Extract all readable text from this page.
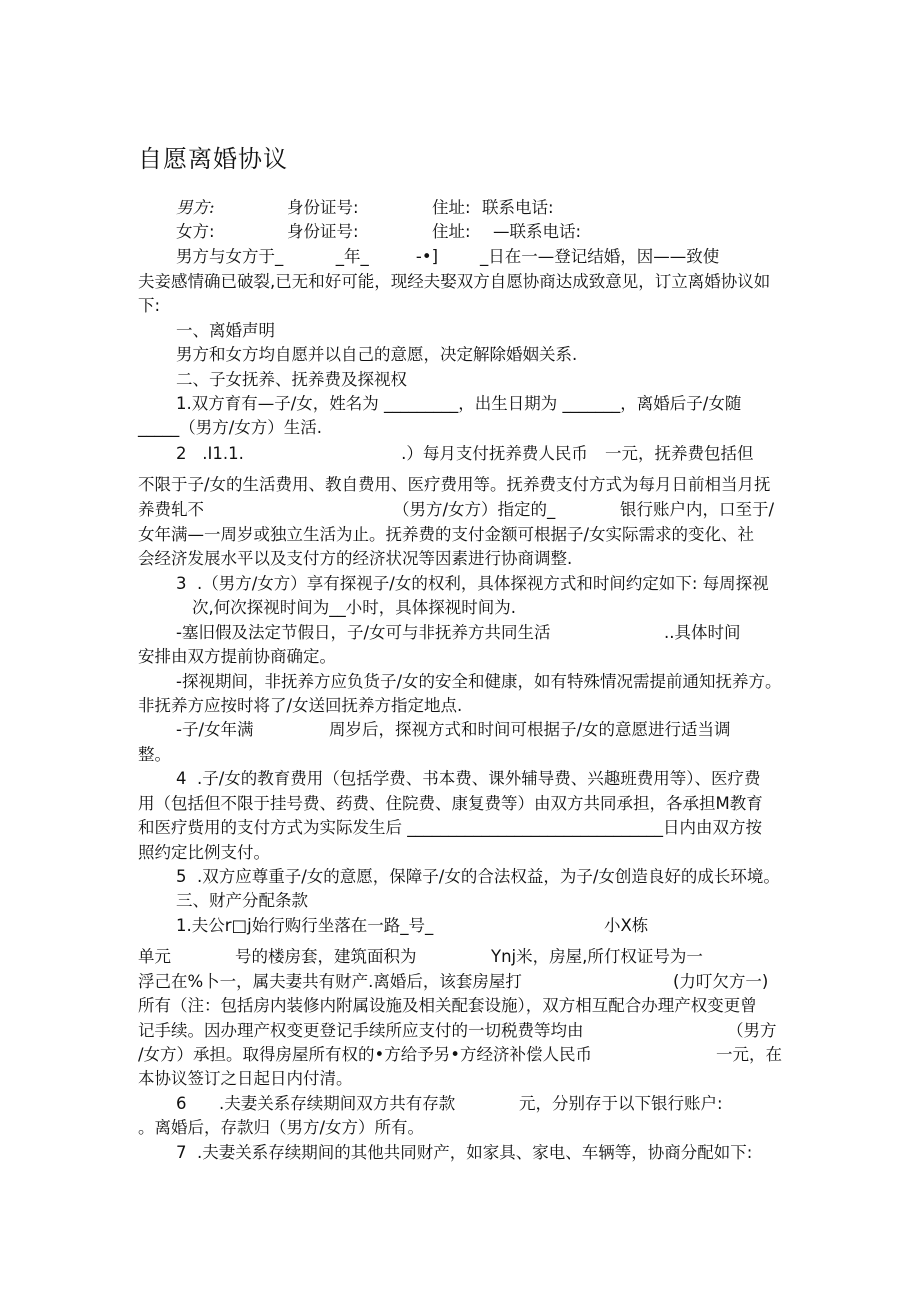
自愿离婚协议
男方:	身份证号:	住址: 联系电话:
女方:	身份证号:	住址: —联系电话:
男方与女方于_          _年_         -•]        _日在一—登记结婚，因——致使
夫妾感情确已破裂,已无和好可能，现经夫娶双方自愿协商达成致意见，订立离婚协议如
下:
一、离婚声明
男方和女方均自愿并以自己的意愿，决定解除婚姻关系.
二、子女抚养、抚养费及探视权
1.双方育有—子/女，姓名为 _________，出生日期为 _______，离婚后子/女随
_____（男方/女方）生活.
2   .I1.1.                              .）每月支付抚养费人民币 一元，抚养费包括但
不限于子/女的生活费用、教自费用、医疗费用等。抚养费支付方式为每月日前相当月抚
养费轧不	（男方/女方）指定的_	银行账户内，口至于/
女年满—一周岁或独立生活为止。抚养费的支付金额可根据子/女实际需求的变化、社
会经济发展水平以及支付方的经济状况等因素进行协商调整.
3  .（男方/女方）享有探视子/女的权利，具体探视方式和时间约定如下: 每周探视
次,何次探视时间为__小时，具体探视时间为.
-塞旧假及法定节假日，子/女可与非抚养方共同生活	..具体时间
安排由双方提前协商确定。
-探视期间，非抚养方应负货子/女的安全和健康，如有特殊情况需提前通知抚养方。
非抚养方应按时将了/女送回抚养方指定地点.
-子/女年满	周岁后，探视方式和时间可根据子/女的意愿进行适当调
整。
4  .子/女的教育费用（包括学费、书本费、课外辅导费、兴趣班费用等）、医疗费
用（包括但不限于挂号费、药费、住院费、康复费等）由双方共同承担，各承担M教育
和医疗赀用的支付方式为实际发生后 _______________________________日内由双方按
照约定比例支付。
5  .双方应尊重子/女的意愿，保障子/女的合法权益，为子/女创造良好的成长环境。
三、财产分配条款
1.夫公r□j始行购行坐落在一路_号_	小X栋
单元	号的楼房套，建筑面积为	Ynj米，房屋,所仃权证号为一
浮己在%卜一，属夫妻共有财产.离婚后，该套房屋打	(力叮欠方一)
所有（注：包括房内装修内附属设施及相关配套设施），双方相互配合办理产权变更曾
记手续。因办理产权变更登记手续所应支付的一切税费等均由	（男方
/女方）承担。取得房屋所有权的•方给予另•方经济补偿人民币	一元，在
本协议签订之日起日内付清。
6 .夫妻关系存续期间双方共有存款	元，分别存于以下银行账户:
。离婚后，存款归（男方/女方）所有。
7  .夫妻关系存续期间的其他共同财产，如家具、家电、车辆等，协商分配如下:
